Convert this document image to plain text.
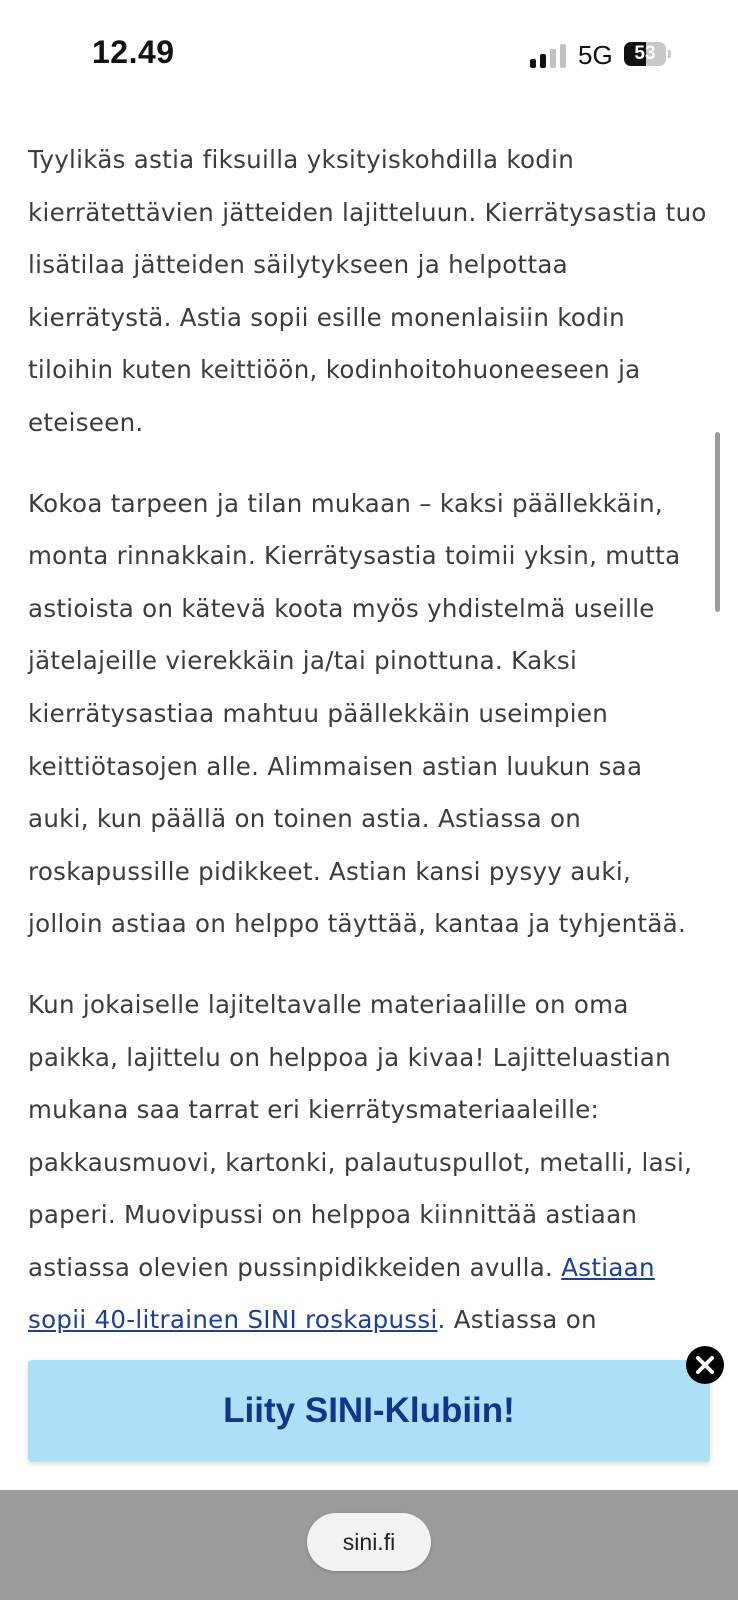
12.49	5G	53

Tyylikäs astia fiksuilla yksityiskohdilla kodin kierrätettävien jätteiden lajitteluun. Kierrätysastia tuo lisätilaa jätteiden säilytykseen ja helpottaa kierrätystä. Astia sopii esille monenlaisiin kodin tiloihin kuten keittiöön, kodinhoitohuoneeseen ja eteiseen.

Kokoa tarpeen ja tilan mukaan – kaksi päällekkäin, monta rinnakkain. Kierrätysastia toimii yksin, mutta astioista on kätevä koota myös yhdistelmä useille jätelajeille vierekkäin ja/tai pinottuna. Kaksi kierrätysastiaa mahtuu päällekkäin useimpien keittiötasojen alle. Alimmaisen astian luukun saa auki, kun päällä on toinen astia. Astiassa on roskapussille pidikkeet. Astian kansi pysyy auki, jolloin astiaa on helppo täyttää, kantaa ja tyhjentää.

Kun jokaiselle lajiteltavalle materiaalille on oma paikka, lajittelu on helppoa ja kivaa! Lajitteluastian mukana saa tarrat eri kierrätysmateriaaleille: pakkausmuovi, kartonki, palautuspullot, metalli, lasi, paperi. Muovipussi on helppoa kiinnittää astiaan astiassa olevien pussinpidikkeiden avulla. Astiaan sopii 40-litrainen SINI roskapussi. Astiassa on

Liity SINI-Klubiin!
sini.fi
